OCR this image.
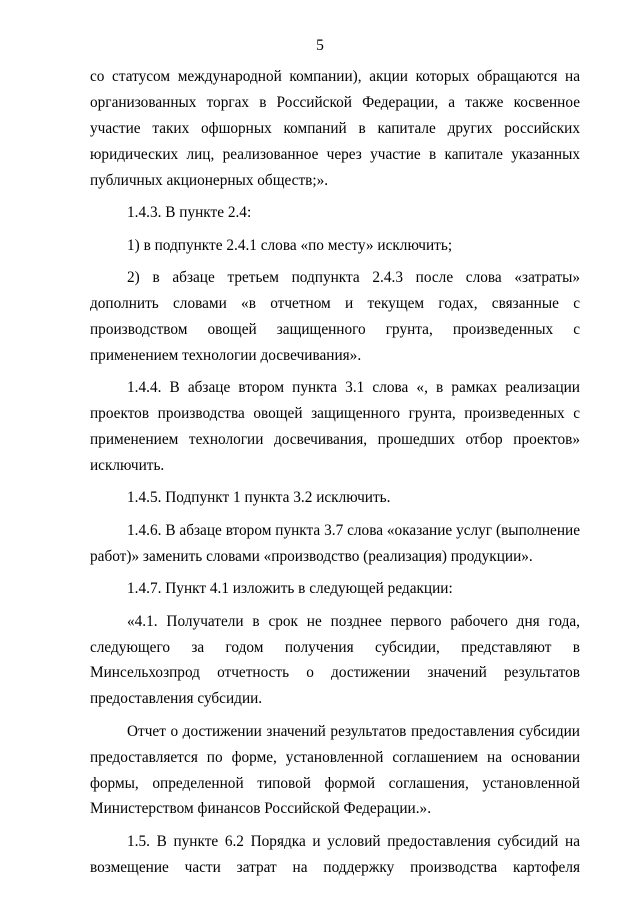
5

со статусом международной компании), акции которых обращаются на организованных торгах в Российской Федерации, а также косвенное участие таких офшорных компаний в капитале других российских юридических лиц, реализованное через участие в капитале указанных публичных акционерных обществ;».

1.4.3. В пункте 2.4:

1) в подпункте 2.4.1 слова «по месту» исключить;

2) в абзаце третьем подпункта 2.4.3 после слова «затраты» дополнить словами «в отчетном и текущем годах, связанные с производством овощей защищенного грунта, произведенных с применением технологии досвечивания».

1.4.4. В абзаце втором пункта 3.1 слова «, в рамках реализации проектов производства овощей защищенного грунта, произведенных с применением технологии досвечивания, прошедших отбор проектов» исключить.

1.4.5. Подпункт 1 пункта 3.2 исключить.

1.4.6. В абзаце втором пункта 3.7 слова «оказание услуг (выполнение работ)» заменить словами «производство (реализация) продукции».

1.4.7. Пункт 4.1 изложить в следующей редакции:

«4.1. Получатели в срок не позднее первого рабочего дня года, следующего за годом получения субсидии, представляют в Минсельхозпрод отчетность о достижении значений результатов предоставления субсидии.

Отчет о достижении значений результатов предоставления субсидии предоставляется по форме, установленной соглашением на основании формы, определенной типовой формой соглашения, установленной Министерством финансов Российской Федерации.».

1.5. В пункте 6.2 Порядка и условий предоставления субсидий на возмещение части затрат на поддержку производства картофеля
